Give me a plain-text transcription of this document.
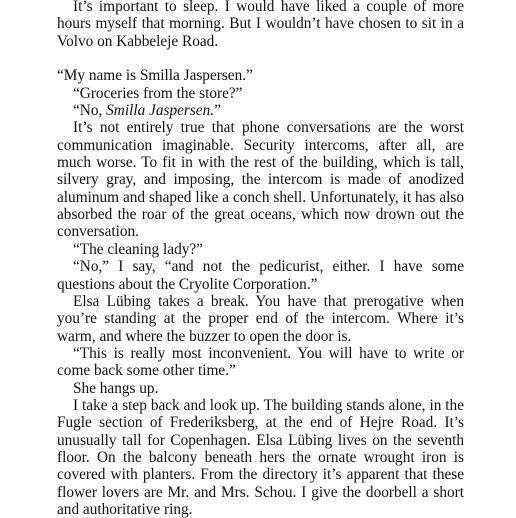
It’s important to sleep. I would have liked a couple of more hours myself that morning. But I wouldn’t have chosen to sit in a Volvo on Kabbeleje Road.

“My name is Smilla Jaspersen.”

“Groceries from the store?”

“No, Smilla Jaspersen.”

It’s not entirely true that phone conversations are the worst communication imaginable. Security intercoms, after all, are much worse. To fit in with the rest of the building, which is tall, silvery gray, and imposing, the intercom is made of anodized aluminum and shaped like a conch shell. Unfortunately, it has also absorbed the roar of the great oceans, which now drown out the conversation.

“The cleaning lady?”

“No,” I say, “and not the pedicurist, either. I have some questions about the Cryolite Corporation.”

Elsa Lübing takes a break. You have that prerogative when you’re standing at the proper end of the intercom. Where it’s warm, and where the buzzer to open the door is.

“This is really most inconvenient. You will have to write or come back some other time.”

She hangs up.

I take a step back and look up. The building stands alone, in the Fugle section of Frederiksberg, at the end of Hejre Road. It’s unusually tall for Copenhagen. Elsa Lübing lives on the seventh floor. On the balcony beneath hers the ornate wrought iron is covered with planters. From the directory it’s apparent that these flower lovers are Mr. and Mrs. Schou. I give the doorbell a short and authoritative ring.
